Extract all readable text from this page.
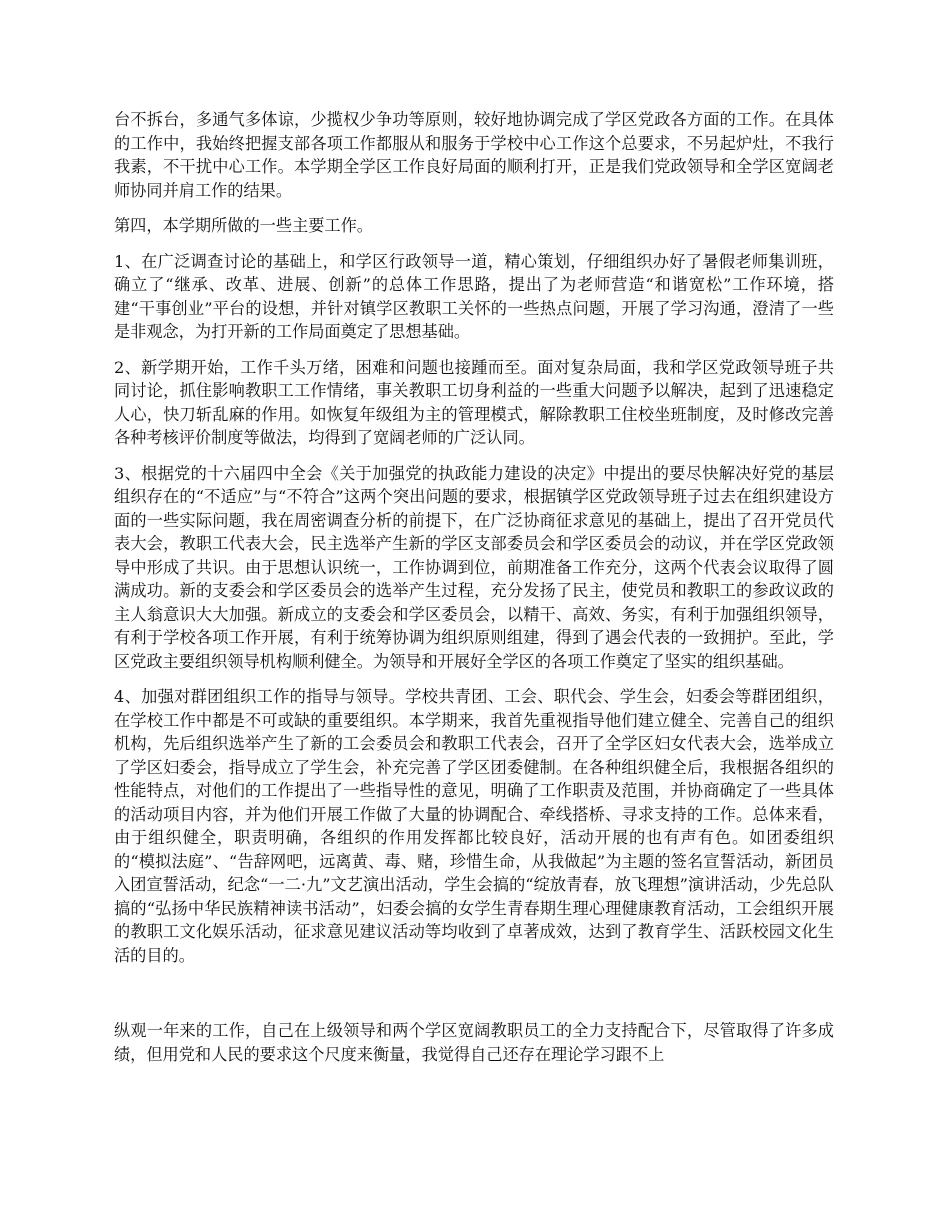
台不拆台，多通气多体谅，少揽权少争功等原则，较好地协调完成了学区党政各方面的工作。在具体的工作中，我始终把握支部各项工作都服从和服务于学校中心工作这个总要求，不另起炉灶，不我行我素，不干扰中心工作。本学期全学区工作良好局面的顺利打开，正是我们党政领导和全学区宽阔老师协同并肩工作的结果。

第四，本学期所做的一些主要工作。

1、在广泛调查讨论的基础上，和学区行政领导一道，精心策划，仔细组织办好了暑假老师集训班，确立了“继承、改革、进展、创新”的总体工作思路，提出了为老师营造“和谐宽松”工作环境，搭建“干事创业”平台的设想，并针对镇学区教职工关怀的一些热点问题，开展了学习沟通，澄清了一些是非观念，为打开新的工作局面奠定了思想基础。

2、新学期开始，工作千头万绪，困难和问题也接踵而至。面对复杂局面，我和学区党政领导班子共同讨论，抓住影响教职工工作情绪，事关教职工切身利益的一些重大问题予以解决，起到了迅速稳定人心，快刀斩乱麻的作用。如恢复年级组为主的管理模式，解除教职工住校坐班制度，及时修改完善各种考核评价制度等做法，均得到了宽阔老师的广泛认同。

3、根据党的十六届四中全会《关于加强党的执政能力建设的决定》中提出的要尽快解决好党的基层组织存在的“不适应”与“不符合”这两个突出问题的要求，根据镇学区党政领导班子过去在组织建设方面的一些实际问题，我在周密调查分析的前提下，在广泛协商征求意见的基础上，提出了召开党员代表大会，教职工代表大会，民主选举产生新的学区支部委员会和学区委员会的动议，并在学区党政领导中形成了共识。由于思想认识统一，工作协调到位，前期准备工作充分，这两个代表会议取得了圆满成功。新的支委会和学区委员会的选举产生过程，充分发扬了民主，使党员和教职工的参政议政的主人翁意识大大加强。新成立的支委会和学区委员会，以精干、高效、务实，有利于加强组织领导，有利于学校各项工作开展，有利于统筹协调为组织原则组建，得到了遇会代表的一致拥护。至此，学区党政主要组织领导机构顺利健全。为领导和开展好全学区的各项工作奠定了坚实的组织基础。

4、加强对群团组织工作的指导与领导。学校共青团、工会、职代会、学生会，妇委会等群团组织，在学校工作中都是不可或缺的重要组织。本学期来，我首先重视指导他们建立健全、完善自己的组织机构，先后组织选举产生了新的工会委员会和教职工代表会，召开了全学区妇女代表大会，选举成立了学区妇委会，指导成立了学生会，补充完善了学区团委健制。在各种组织健全后，我根据各组织的性能特点，对他们的工作提出了一些指导性的意见，明确了工作职责及范围，并协商确定了一些具体的活动项目内容，并为他们开展工作做了大量的协调配合、牵线搭桥、寻求支持的工作。总体来看，由于组织健全，职责明确，各组织的作用发挥都比较良好，活动开展的也有声有色。如团委组织的“模拟法庭”、“告辞网吧，远离黄、毒、赌，珍惜生命，从我做起”为主题的签名宣誓活动，新团员入团宣誓活动，纪念“一二·九”文艺演出活动，学生会搞的“绽放青春，放飞理想”演讲活动，少先总队搞的“弘扬中华民族精神读书活动”，妇委会搞的女学生青春期生理心理健康教育活动，工会组织开展的教职工文化娱乐活动，征求意见建议活动等均收到了卓著成效，达到了教育学生、活跃校园文化生活的目的。

纵观一年来的工作，自己在上级领导和两个学区宽阔教职员工的全力支持配合下，尽管取得了许多成绩，但用党和人民的要求这个尺度来衡量，我觉得自己还存在理论学习跟不上
